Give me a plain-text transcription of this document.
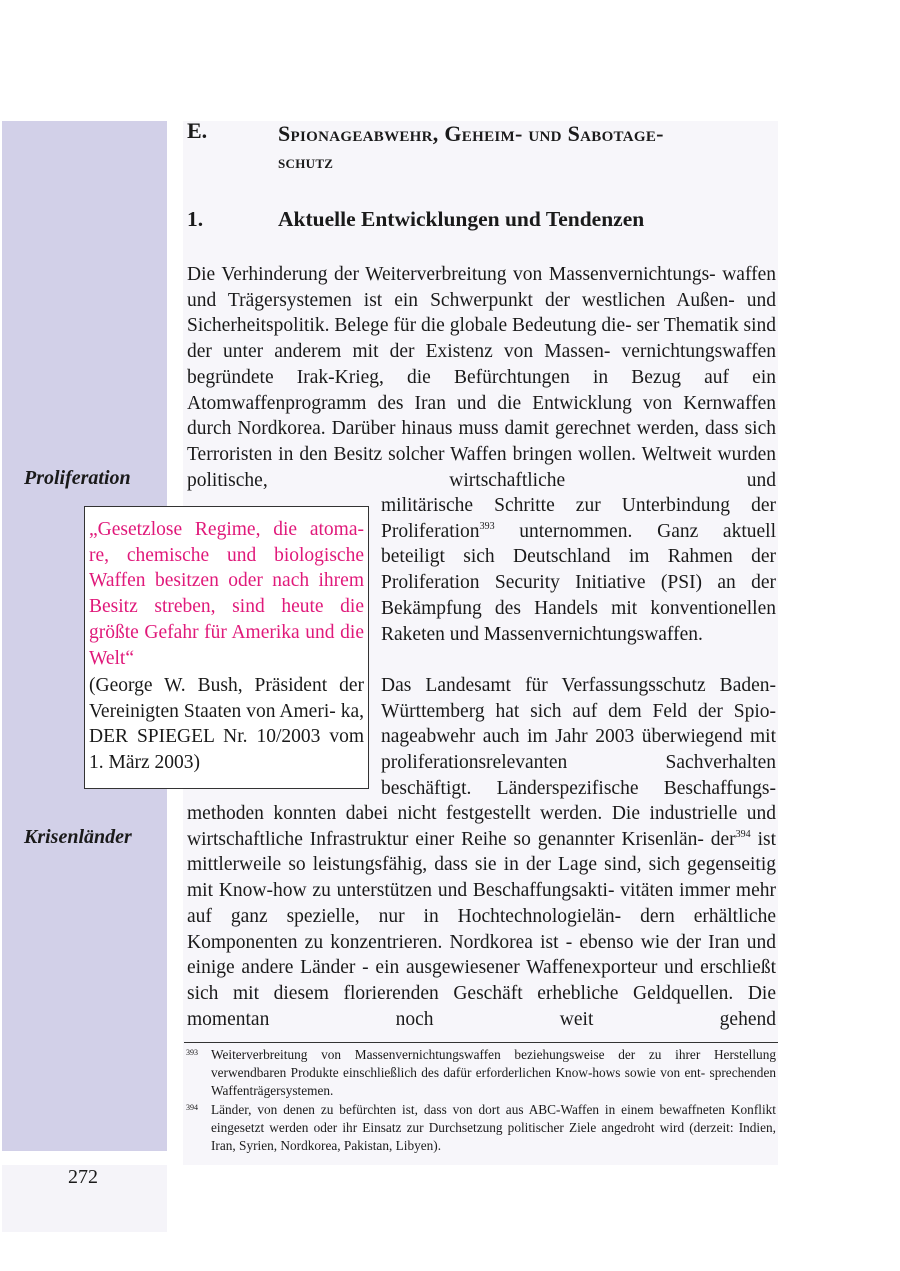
272
Proliferation
Krisenländer
E.	Spionageabwehr, Geheim- und Sabotage-
schutz
1.	Aktuelle Entwicklungen und Tendenzen

Die Verhinderung der Weiterverbreitung von Massenvernichtungs- waffen und Trägersystemen ist ein Schwerpunkt der westlichen Außen- und Sicherheitspolitik. Belege für die globale Bedeutung die- ser Thematik sind der unter anderem mit der Existenz von Massen- vernichtungswaffen begründete Irak-Krieg, die Befürchtungen in Bezug auf ein Atomwaffenprogramm des Iran und die Entwicklung von Kernwaffen durch Nordkorea. Darüber hinaus muss damit gerechnet werden, dass sich Terroristen in den Besitz solcher Waffen bringen wollen. Weltweit wurden politische, wirtschaftliche und

militärische Schritte zur Unterbindung der Proliferation$^{393}$ unternommen. Ganz aktuell beteiligt sich Deutschland im Rahmen der Proliferation Security Initiative (PSI) an der Bekämpfung des Handels mit konventionellen Raketen und Massenvernichtungswaffen.

Das Landesamt für Verfassungsschutz Baden- Württemberg hat sich auf dem Feld der Spio- nageabwehr auch im Jahr 2003 überwiegend mit proliferationsrelevanten Sachverhalten beschäftigt. Länderspezifische Beschaffungs-

methoden konnten dabei nicht festgestellt werden. Die industrielle und wirtschaftliche Infrastruktur einer Reihe so genannter Krisenlän- der$^{394}$ ist mittlerweile so leistungsfähig, dass sie in der Lage sind, sich gegenseitig mit Know-how zu unterstützen und Beschaffungsakti- vitäten immer mehr auf ganz spezielle, nur in Hochtechnologielän- dern erhältliche Komponenten zu konzentrieren. Nordkorea ist - ebenso wie der Iran und einige andere Länder - ein ausgewiesener Waffenexporteur und erschließt sich mit diesem florierenden Geschäft erhebliche Geldquellen. Die momentan noch weit gehend

„Gesetzlose Regime, die atoma- re, chemische und biologische Waffen besitzen oder nach ihrem Besitz streben, sind heute die größte Gefahr für Amerika und die Welt“

(George W. Bush, Präsident der Vereinigten Staaten von Ameri- ka, DER SPIEGEL Nr. 10/2003 vom 1. März 2003)

393 Weiterverbreitung von Massenvernichtungswaffen beziehungsweise der zu ihrer Herstellung verwendbaren Produkte einschließlich des dafür erforderlichen Know-hows sowie von ent- sprechenden Waffenträgersystemen.
394 Länder, von denen zu befürchten ist, dass von dort aus ABC-Waffen in einem bewaffneten Konflikt eingesetzt werden oder ihr Einsatz zur Durchsetzung politischer Ziele angedroht wird (derzeit: Indien, Iran, Syrien, Nordkorea, Pakistan, Libyen).
